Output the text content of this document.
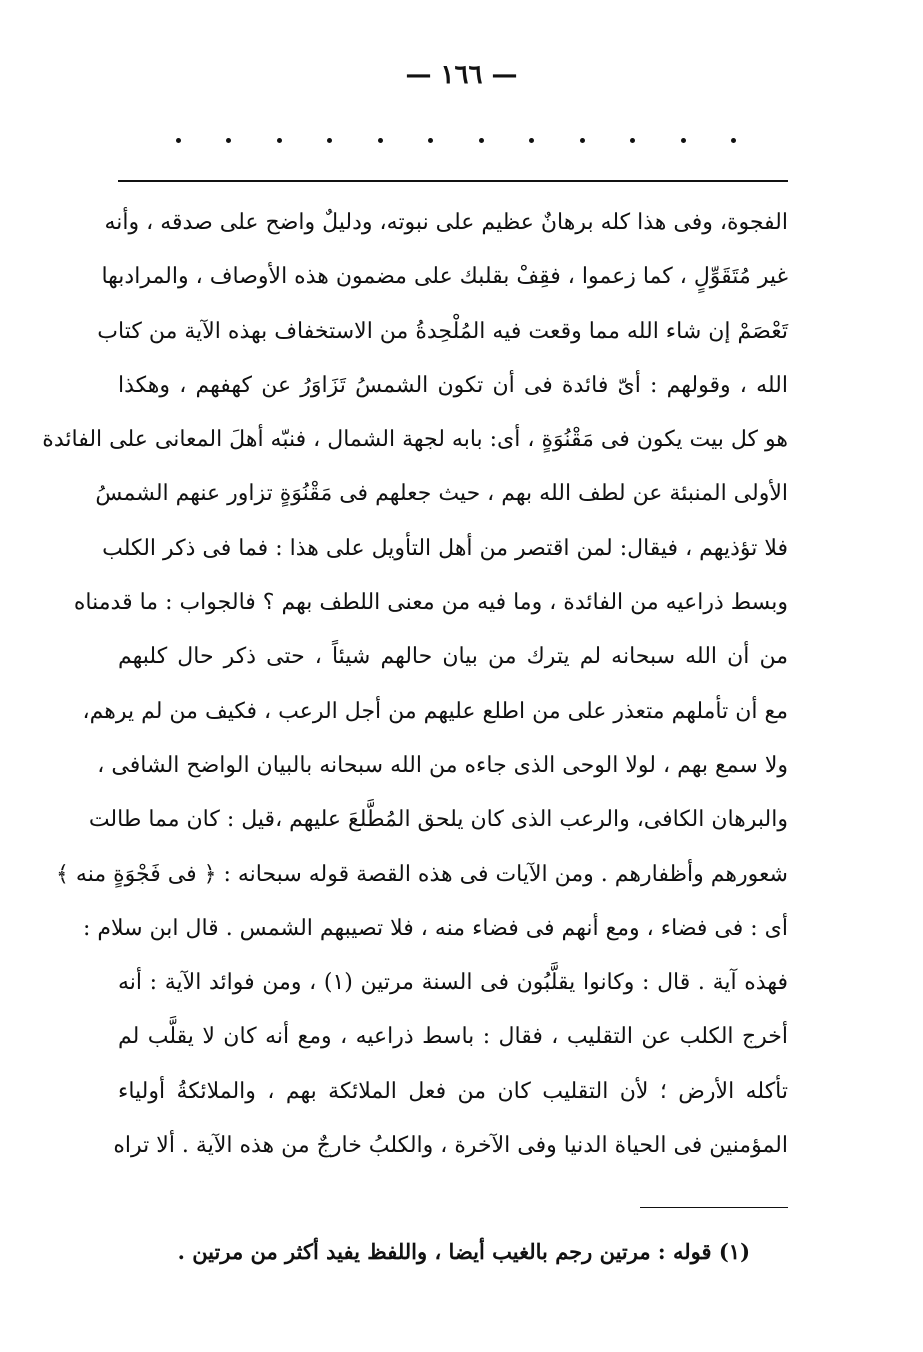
— ١٦٦ —
الفجوة، وفى هذا كله برهانٌ عظيم على نبوته، ودليلٌ واضح على صدقه ، وأنه
غير مُتَقَوِّلٍ ، كما زعموا ، فقِفْ بقلبك على مضمون هذه الأوصاف ، والمرادبها
تَعْصَمْ إن شاء الله مما وقعت فيه المُلْحِدةُ من الاستخفاف بهذه الآية من كتاب
الله ، وقولهم : أىّ فائدة فى أن تكون الشمسُ تَزَاوَرُ عن كهفهم ، وهكذا
هو كل بيت يكون فى مَقْنُوَةٍ ، أى: بابه لجهة الشمال ، فنبّه أهلَ المعانى على الفائدة
الأولى المنبئة عن لطف الله بهم ، حيث جعلهم فى مَقْنُوَةٍ تزاور عنهم الشمسُ
فلا تؤذيهم ، فيقال: لمن اقتصر من أهل التأويل على هذا : فما فى ذكر الكلب
وبسط ذراعيه من الفائدة ، وما فيه من معنى اللطف بهم ؟ فالجواب : ما قدمناه
من أن الله سبحانه لم يترك من بيان حالهم شيئاً ، حتى ذكر حال كلبهم
مع أن تأملهم متعذر على من اطلع عليهم من أجل الرعب ، فكيف من لم يرهم،
ولا سمع بهم ، لولا الوحى الذى جاءه من الله سبحانه بالبيان الواضح الشافى ،
والبرهان الكافى، والرعب الذى كان يلحق المُطَّلعَ عليهم ،قيل : كان مما طالت
شعورهم وأظفارهم . ومن الآيات فى هذه القصة قوله سبحانه : ﴿ فى فَجْوَةٍ منه ﴾
أى : فى فضاء ، ومع أنهم فى فضاء منه ، فلا تصيبهم الشمس . قال ابن سلام :
فهذه آية . قال : وكانوا يقلَّبُون فى السنة مرتين (١) ، ومن فوائد الآية : أنه
أخرج الكلب عن التقليب ، فقال : باسط ذراعيه ، ومع أنه كان لا يقلَّب لم
تأكله الأرض ؛ لأن التقليب كان من فعل الملائكة بهم ، والملائكةُ أولياء
المؤمنين فى الحياة الدنيا وفى الآخرة ، والكلبُ خارجٌ من هذه الآية . ألا تراه
(١) قوله : مرتين رجم بالغيب أيضا ، واللفظ يفيد أكثر من مرتين .
